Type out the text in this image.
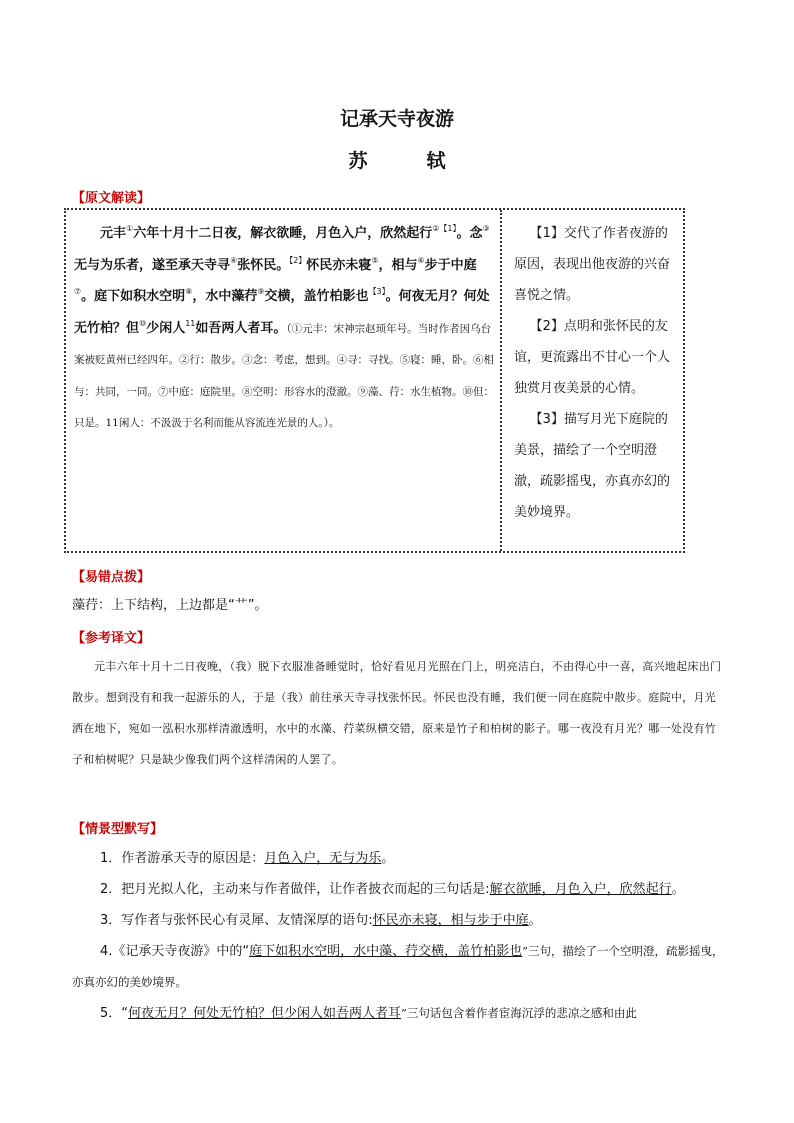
记承天寺夜游
苏　轼
【原文解读】

元丰①六年十月十二日夜，解衣欲睡，月色入户，欣然起行$^{②【1】}$。念③无与为乐者，遂至承天寺寻④张怀民。$^{【2】}$怀民亦未寝⑤，相与⑥步于中庭⑦。庭下如积水空明⑧，水中藻荇⑨交横，盖竹柏影也$^{【3】}$。何夜无月？何处无竹柏？但⑩少闲人$^{11}$如吾两人者耳。（①元丰：宋神宗赵顼年号。当时作者因乌台案被贬黄州已经四年。②行：散步。③念：考虑，想到。④寻：寻找。⑤寝：睡，卧。⑥相与：共同，一同。⑦中庭：庭院里。⑧空明：形容水的澄澈。⑨藻、荇：水生植物。⑩但：只是。11闲人：不汲汲于名利而能从容流连光景的人。）。

【1】交代了作者夜游的原因，表现出他夜游的兴奋喜悦之情。

【2】点明和张怀民的友谊，更流露出不甘心一个人独赏月夜美景的心情。

【3】描写月光下庭院的美景，描绘了一个空明澄澈，疏影摇曳，亦真亦幻的美妙境界。

【易错点拨】
藻荇：上下结构，上边都是“艹”。
【参考译文】

元丰六年十月十二日夜晚，（我）脱下衣服准备睡觉时，恰好看见月光照在门上，明亮洁白，不由得心中一喜，高兴地起床出门散步。想到没有和我一起游乐的人，于是（我）前往承天寺寻找张怀民。怀民也没有睡，我们便一同在庭院中散步。庭院中，月光洒在地下，宛如一泓积水那样清澈透明，水中的水藻、荇菜纵横交错，原来是竹子和柏树的影子。哪一夜没有月光？哪一处没有竹子和柏树呢？只是缺少像我们两个这样清闲的人罢了。

【情景型默写】
1．作者游承天寺的原因是：月色入户，无与为乐。
2．把月光拟人化，主动来与作者做伴，让作者披衣而起的三句话是:解衣欲睡，月色入户，欣然起行。
3．写作者与张怀民心有灵犀、友情深厚的语句:怀民亦未寝，相与步于中庭。
4.《记承天寺夜游》中的“庭下如积水空明，水中藻、荇交横，盖竹柏影也”三句，描绘了一个空明澄，疏影摇曳，亦真亦幻的美妙境界。
5．“何夜无月？何处无竹柏？但少闲人如吾两人者耳”三句话包含着作者宦海沉浮的悲凉之感和由此
